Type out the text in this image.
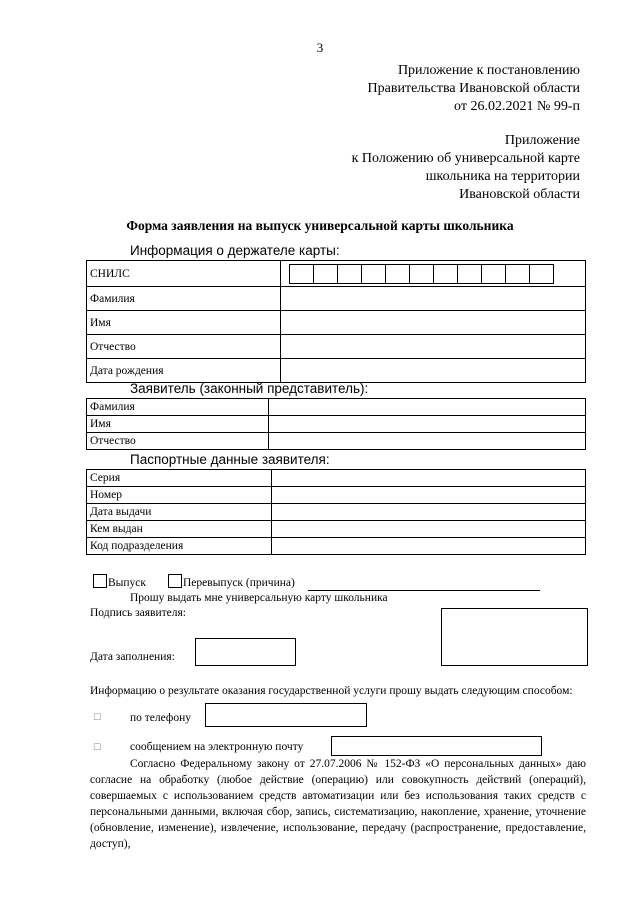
3
Приложение к постановлению
Правительства Ивановской области
от 26.02.2021 № 99-п
Приложение
к Положению об универсальной карте
школьника на территории
Ивановской области
Форма заявления на выпуск универсальной карты школьника
Информация о держателе карты:
СНИЛС	

Фамилия	
Имя	
Отчество	
Дата рождения	
Заявитель (законный представитель):
Фамилия	
Имя	
Отчество	
Паспортные данные заявителя:
Серия	
Номер	
Дата выдачи	
Кем выдан	
Код подразделения	
Выпуск	Перевыпуск (причина)
Прошу выдать мне универсальную карту школьника
Подпись заявителя:
Дата заполнения:
Информацию о результате оказания государственной услуги прошу выдать следующим способом:
☐	по телефону
☐	сообщением на электронную почту
Согласно Федеральному закону от 27.07.2006 № 152-ФЗ «О персональных данных» даю согласие на обработку (любое действие (операцию) или совокупность действий (операций), совершаемых с использованием средств автоматизации или без использования таких средств с персональными данными, включая сбор, запись, систематизацию, накопление, хранение, уточнение (обновление, изменение), извлечение, использование, передачу (распространение, предоставление, доступ),
